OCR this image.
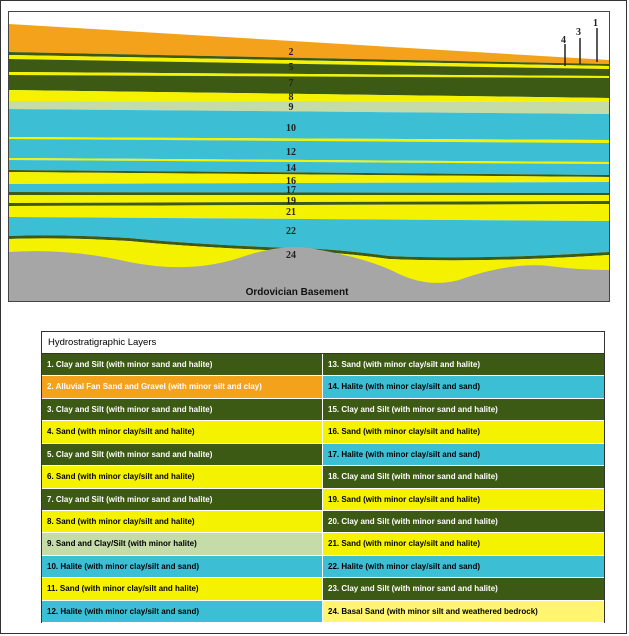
4
3
1
2
5
7
8
9
10
12
14
16
17
19
21
22
24
Ordovician Basement
Hydrostratigraphic Layers
1. Clay and Silt (with minor sand and halite)
2. Alluvial Fan Sand and Gravel (with minor silt and clay)
3. Clay and Silt (with minor sand and halite)
4. Sand (with minor clay/silt and halite)
5. Clay and Silt (with minor sand and halite)
6. Sand (with minor clay/silt and halite)
7. Clay and Silt (with minor sand and halite)
8. Sand (with minor clay/silt and halite)
9. Sand and Clay/Silt (with minor halite)
10. Halite (with minor clay/silt and sand)
11. Sand (with minor clay/silt and halite)
12. Halite (with minor clay/silt and sand)
13. Sand (with minor clay/silt and halite)
14. Halite (with minor clay/silt and sand)
15. Clay and Silt (with minor sand and halite)
16. Sand (with minor clay/silt and halite)
17. Halite (with minor clay/silt and sand)
18. Clay and Silt (with minor sand and halite)
19. Sand (with minor clay/silt and halite)
20. Clay and Silt (with minor sand and halite)
21. Sand (with minor clay/silt and halite)
22. Halite (with minor clay/silt and sand)
23. Clay and Silt (with minor sand and halite)
24. Basal Sand (with minor silt and weathered bedrock)
